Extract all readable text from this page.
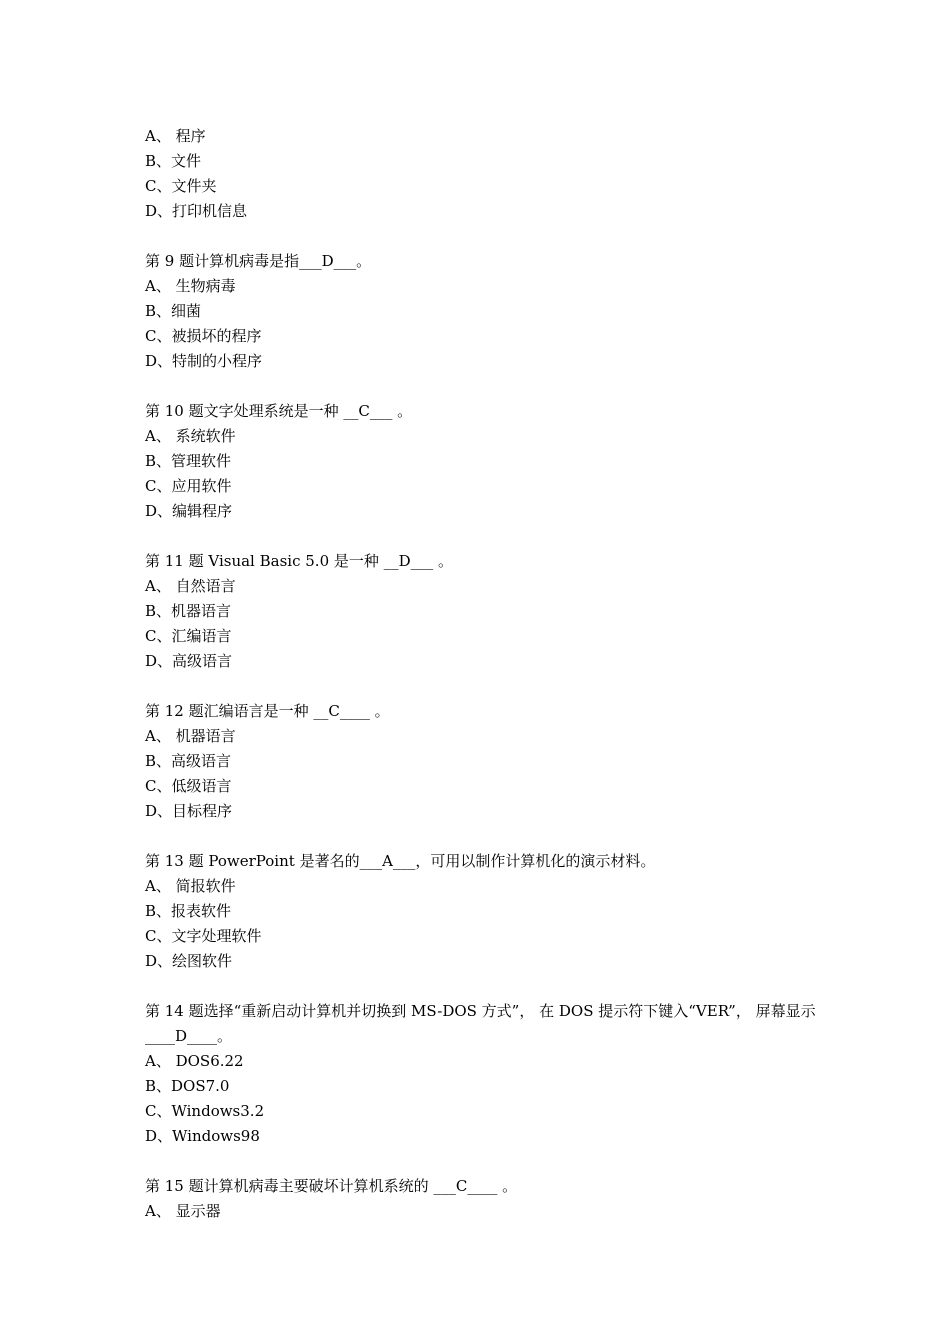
A、 程序
B、文件
C、文件夹
D、打印机信息
第 9 题计算机病毒是指___D___。
A、 生物病毒
B、细菌
C、被损坏的程序
D、特制的小程序
第 10 题文字处理系统是一种 __C___ 。
A、 系统软件
B、管理软件
C、应用软件
D、编辑程序
第 11 题 Visual Basic 5.0 是一种 __D___ 。
A、 自然语言
B、机器语言
C、汇编语言
D、高级语言
第 12 题汇编语言是一种 __C____ 。
A、 机器语言
B、高级语言
C、低级语言
D、目标程序
第 13 题 PowerPoint 是著名的___A___，可用以制作计算机化的演示材料。
A、 简报软件
B、报表软件
C、文字处理软件
D、绘图软件
第 14 题选择“重新启动计算机并切换到 MS-DOS 方式”， 在 DOS 提示符下键入“VER”， 屏幕显示____D____。
A、 DOS6.22
B、DOS7.0
C、Windows3.2
D、Windows98
第 15 题计算机病毒主要破坏计算机系统的 ___C____ 。
A、 显示器
